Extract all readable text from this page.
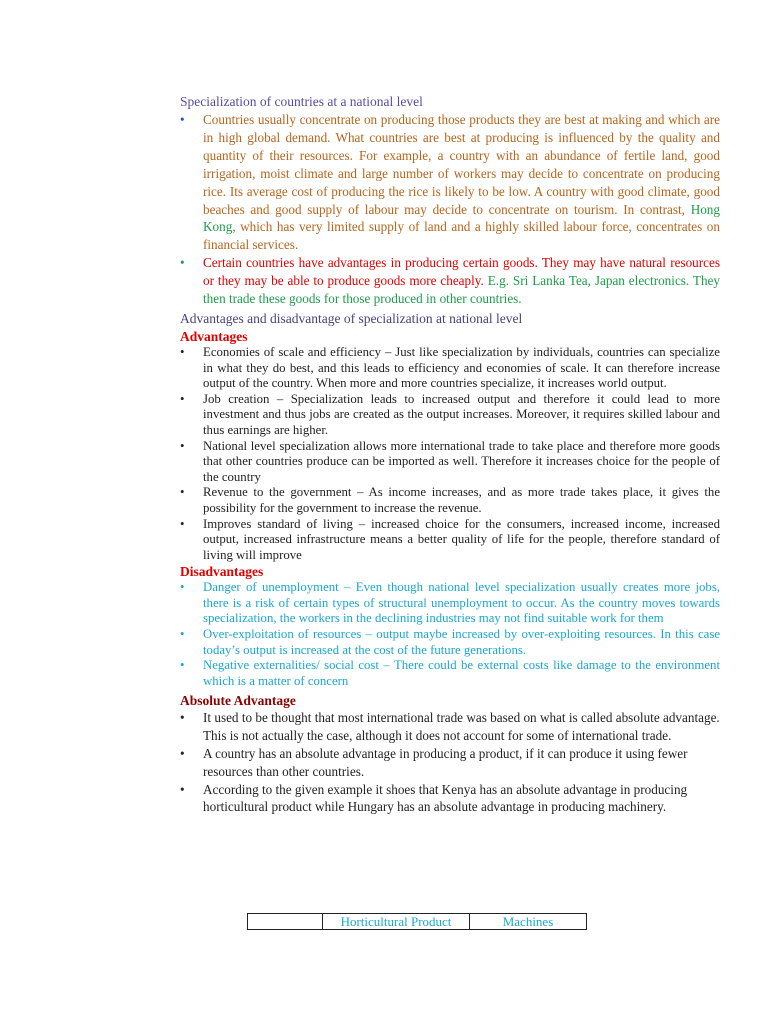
Specialization of countries at a national level

•	Countries usually concentrate on producing those products they are best at making and which are in high global demand. What countries are best at producing is influenced by the quality and quantity of their resources. For example, a country with an abundance of fertile land, good irrigation, moist climate and large number of workers may decide to concentrate on producing rice. Its average cost of producing the rice is likely to be low. A country with good climate, good beaches and good supply of labour may decide to concentrate on tourism. In contrast, Hong Kong, which has very limited supply of land and a highly skilled labour force, concentrates on financial services.
•	Certain countries have advantages in producing certain goods. They may have natural resources or they may be able to produce goods more cheaply. E.g. Sri Lanka Tea, Japan electronics. They then trade these goods for those produced in other countries.

Advantages and disadvantage of specialization at national level

Advantages

•	Economies of scale and efficiency – Just like specialization by individuals, countries can specialize in what they do best, and this leads to efficiency and economies of scale. It can therefore increase output of the country. When more and more countries specialize, it increases world output.
•	Job creation – Specialization leads to increased output and therefore it could lead to more investment and thus jobs are created as the output increases. Moreover, it requires skilled labour and thus earnings are higher.
•	National level specialization allows more international trade to take place and therefore more goods that other countries produce can be imported as well. Therefore it increases choice for the people of the country
•	Revenue to the government – As income increases, and as more trade takes place, it gives the possibility for the government to increase the revenue.
•	Improves standard of living – increased choice for the consumers, increased income, increased output, increased infrastructure means a better quality of life for the people, therefore standard of living will improve

Disadvantages

•	Danger of unemployment – Even though national level specialization usually creates more jobs, there is a risk of certain types of structural unemployment to occur. As the country moves towards specialization, the workers in the declining industries may not find suitable work for them
•	Over-exploitation of resources – output maybe increased by over-exploiting resources. In this case today’s output is increased at the cost of the future generations.
•	Negative externalities/ social cost – There could be external costs like damage to the environment which is a matter of concern

Absolute Advantage

•	It used to be thought that most international trade was based on what is called absolute advantage. This is not actually the case, although it does not account for some of international trade.
•	A country has an absolute advantage in producing a product, if it can produce it using fewer resources than other countries.
•	According to the given example it shoes that Kenya has an absolute advantage in producing horticultural product while Hungary has an absolute advantage in producing machinery.
	Horticultural Product	Machines
